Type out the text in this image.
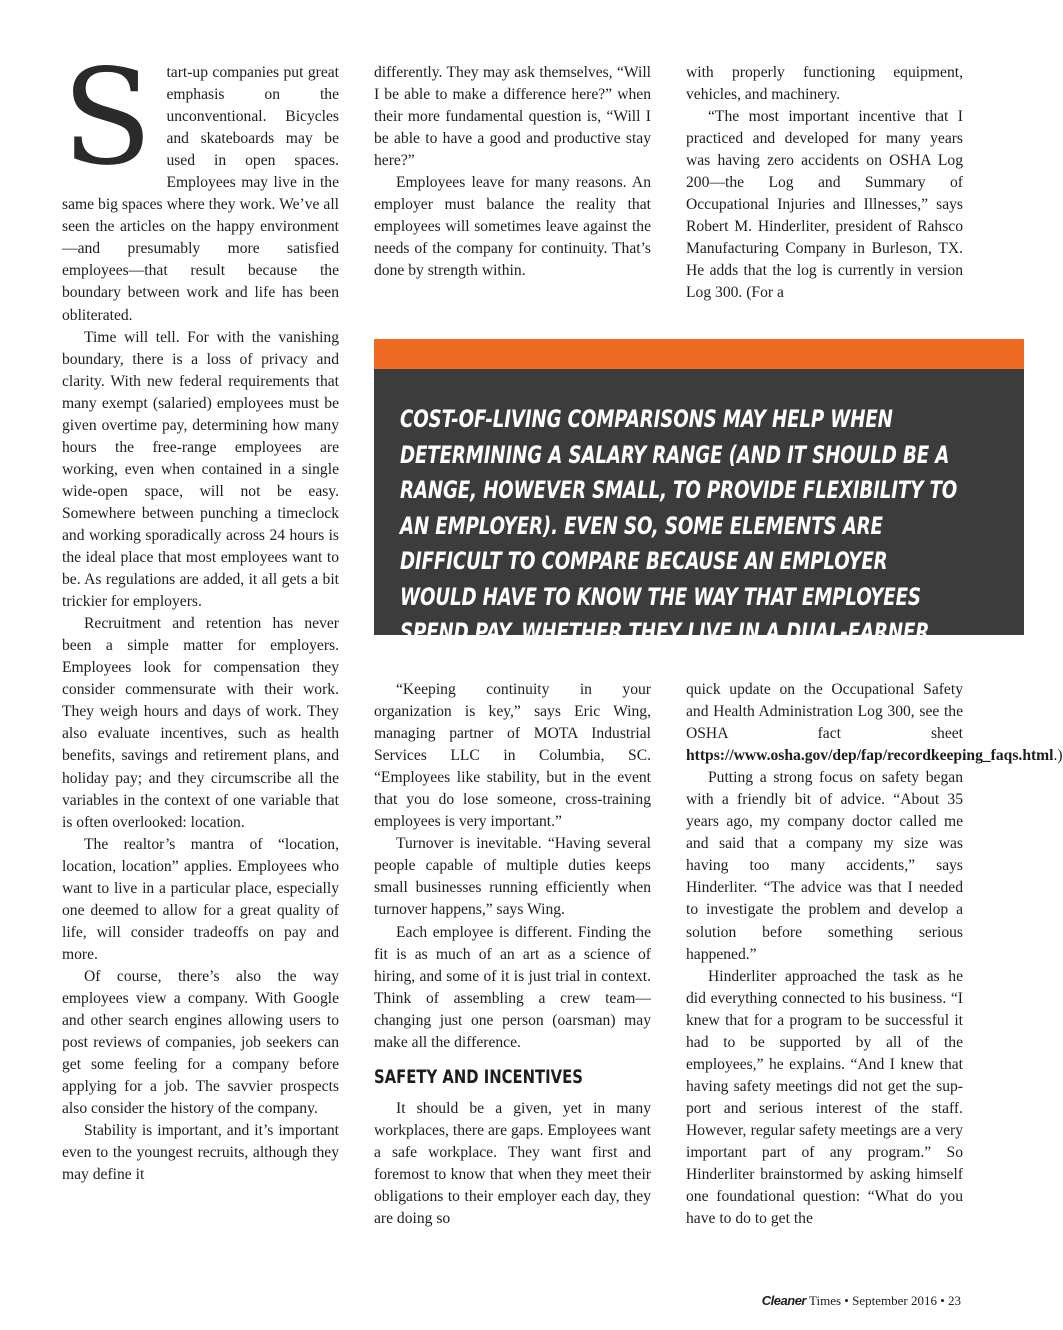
Start-up companies put great emphasis on the unconventional. Bicycles and skateboards may be used in open spaces. Employees may live in the same big spaces where they work. We’ve all seen the articles on the happy environment—and presumably more satisfied employees—that result because the boundary between work and life has been obliterated.

Time will tell. For with the vanishing boundary, there is a loss of privacy and clarity. With new federal requirements that many exempt (salaried) employees must be given overtime pay, determining how many hours the free-range employees are working, even when contained in a single wide-open space, will not be easy. Somewhere between punching a timeclock and working sporadically across 24 hours is the ideal place that most employees want to be. As regulations are added, it all gets a bit trickier for employers.

Recruitment and retention has never been a simple matter for employers. Employees look for compensation they consider commensurate with their work. They weigh hours and days of work. They also evaluate incentives, such as health benefits, savings and retirement plans, and holiday pay; and they circumscribe all the variables in the context of one variable that is often overlooked: location.

The realtor’s mantra of “location, location, location” applies. Employees who want to live in a particular place, especially one deemed to allow for a great quality of life, will consider tradeoffs on pay and more.

Of course, there’s also the way employees view a company. With Google and other search engines allowing users to post reviews of companies, job seekers can get some feeling for a company before applying for a job. The savvier prospects also consider the history of the company.

Stability is important, and it’s important even to the youngest recruits, although they may define it

differently. They may ask themselves, “Will I be able to make a difference here?” when their more fundamental question is, “Will I be able to have a good and productive stay here?”

Employees leave for many reasons. An employer must balance the reality that employees will sometimes leave against the needs of the company for continuity. That’s done by strength within.

with properly functioning equipment, vehicles, and machinery.

“The most important incentive that I practiced and developed for many years was having zero accidents on OSHA Log 200—the Log and Summary of Occupational Injuries and Illnesses,” says Robert M. Hinderliter, president of Rahsco Manufacturing Company in Burleson, TX. He adds that the log is currently in version Log 300. (For a

COST-OF-LIVING COMPARISONS MAY HELP WHEN DETERMINING A SALARY RANGE (AND IT SHOULD BE A RANGE, HOWEVER SMALL, TO PROVIDE FLEXIBILITY TO AN EMPLOYER). EVEN SO, SOME ELEMENTS ARE DIFFICULT TO COMPARE BECAUSE AN EMPLOYER WOULD HAVE TO KNOW THE WAY THAT EMPLOYEES SPEND PAY, WHETHER THEY LIVE IN A DUAL-EARNER HOUSEHOLD, AND SO ON.

“Keeping continuity in your organization is key,” says Eric Wing, managing partner of MOTA Industrial Services LLC in Columbia, SC. “Employees like stability, but in the event that you do lose someone, cross-training employees is very important.”

Turnover is inevitable. “Having several people capable of multiple duties keeps small businesses running efficiently when turnover happens,” says Wing.

Each employee is different. Finding the fit is as much of an art as a science of hiring, and some of it is just trial in context. Think of assembling a crew team—changing just one person (oarsman) may make all the difference.

SAFETY AND INCENTIVES

It should be a given, yet in many workplaces, there are gaps. Employees want a safe workplace. They want first and foremost to know that when they meet their obligations to their employer each day, they are doing so

quick update on the Occupational Safety and Health Administration Log 300, see the OSHA fact sheet https://www.osha.gov/dep/fap/recordkeeping_faqs.html.)

Putting a strong focus on safety began with a friendly bit of advice. “About 35 years ago, my company doctor called me and said that a company my size was having too many accidents,” says Hinderliter. “The advice was that I needed to investigate the problem and develop a solution before something serious happened.”

Hinderliter approached the task as he did everything connected to his business. “I knew that for a program to be successful it had to be supported by all of the employees,” he explains. “And I knew that having safety meetings did not get the support and serious interest of the staff. However, regular safety meetings are a very important part of any program.” So Hinderliter brainstormed by asking himself one foundational question: “What do you have to do to get the

Cleaner Times • September 2016 • 23
